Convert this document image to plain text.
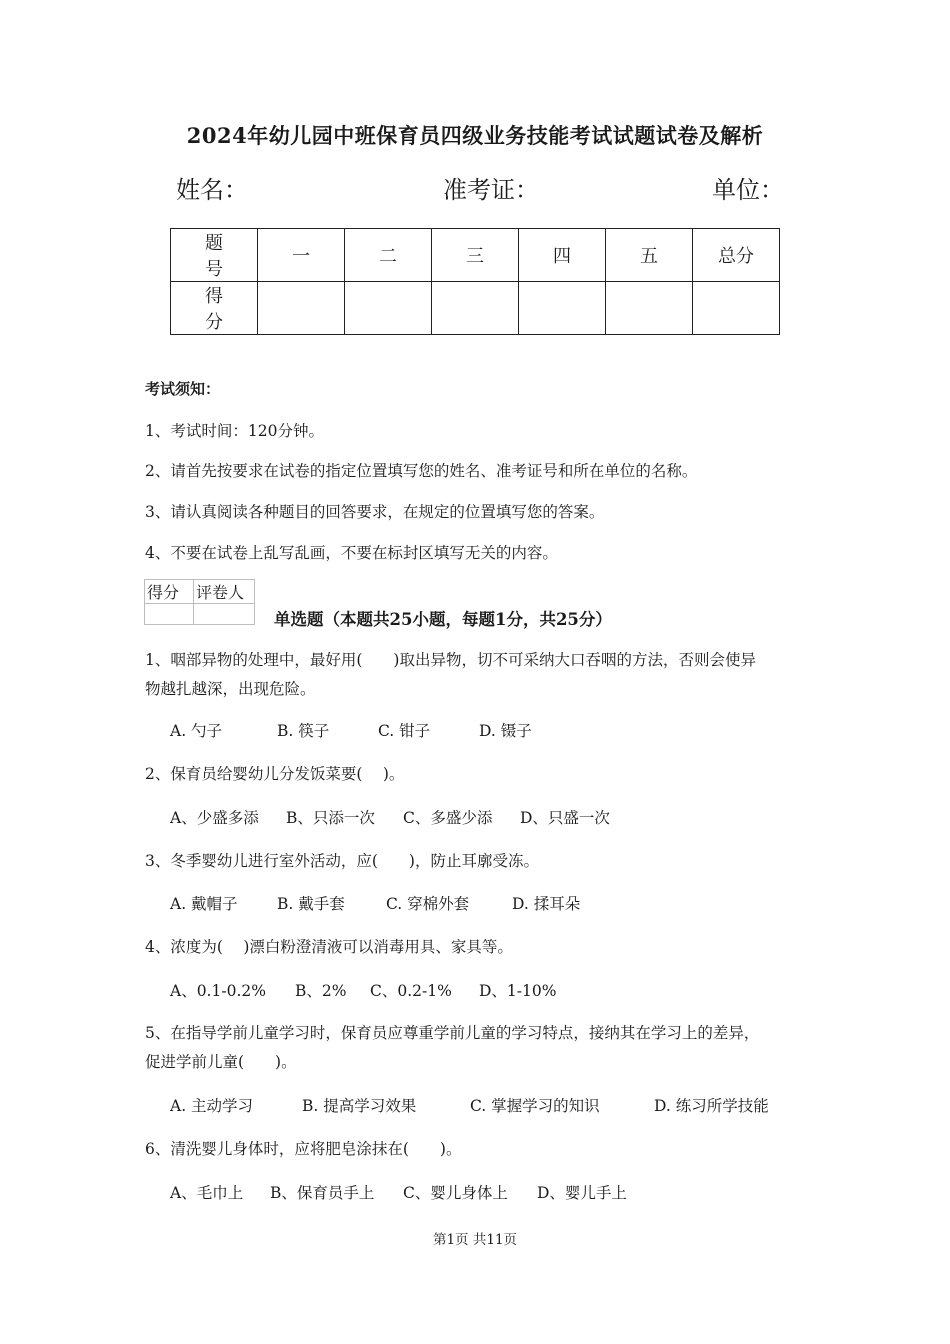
2024年幼儿园中班保育员四级业务技能考试试题试卷及解析
姓名：	准考证：	单位：
题 号	一	二	三	四	五	总分
得 分						
考试须知：
1、考试时间：120分钟。
2、请首先按要求在试卷的指定位置填写您的姓名、准考证号和所在单位的名称。
3、请认真阅读各种题目的回答要求，在规定的位置填写您的答案。
4、不要在试卷上乱写乱画，不要在标封区填写无关的内容。
得分	评卷人

单选题（本题共25小题，每题1分，共25分）
1、咽部异物的处理中，最好用(　　)取出异物，切不可采纳大口吞咽的方法，否则会使异
物越扎越深，出现危险。
A. 勺子	B. 筷子	C. 钳子	D. 镊子
2、保育员给婴幼儿分发饭菜要(　 )。
A、少盛多添 B、只添一次 C、多盛少添 D、只盛一次
3、冬季婴幼儿进行室外活动，应(　　)，防止耳廓受冻。
A. 戴帽子	B. 戴手套	C. 穿棉外套	D. 揉耳朵
4、浓度为(　 )漂白粉澄清液可以消毒用具、家具等。
A、0.1-0.2% B、2% C、0.2-1% D、1-10%
5、在指导学前儿童学习时，保育员应尊重学前儿童的学习特点，接纳其在学习上的差异，
促进学前儿童(　　)。
A. 主动学习	B. 提高学习效果	C. 掌握学习的知识	D. 练习所学技能
6、清洗婴儿身体时，应将肥皂涂抹在(　　)。
A、毛巾上 B、保育员手上 C、婴儿身体上 D、婴儿手上
第1页 共11页
